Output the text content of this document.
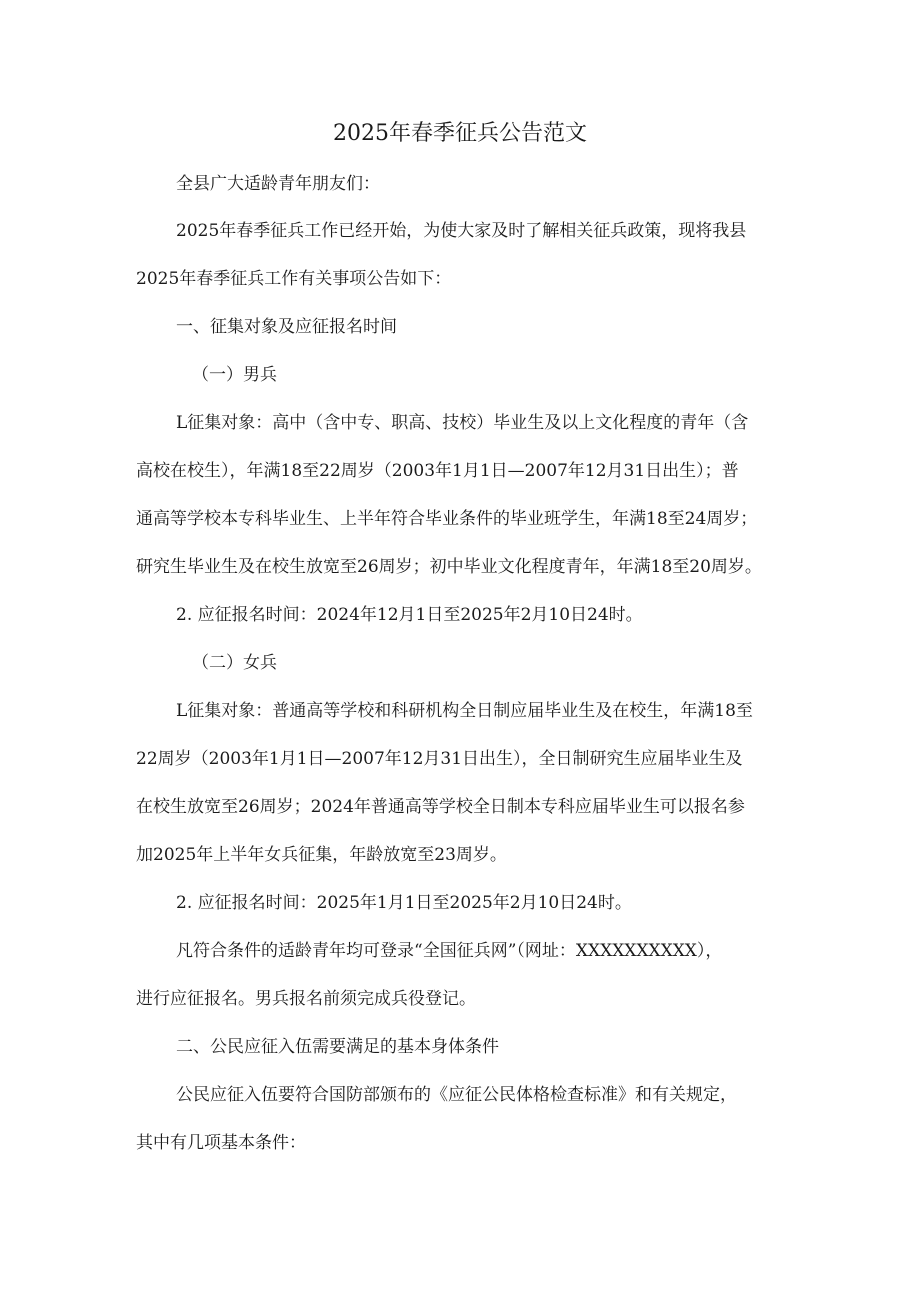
2025年春季征兵公告范文
全县广大适龄青年朋友们：
2025年春季征兵工作已经开始，为使大家及时了解相关征兵政策，现将我县
2025年春季征兵工作有关事项公告如下：
一、征集对象及应征报名时间
（一）男兵
L征集对象：高中（含中专、职高、技校）毕业生及以上文化程度的青年（含
高校在校生），年满18至22周岁（2003年1月1日—2007年12月31日出生）；普
通高等学校本专科毕业生、上半年符合毕业条件的毕业班学生，年满18至24周岁；
研究生毕业生及在校生放宽至26周岁；初中毕业文化程度青年，年满18至20周岁。
2. 应征报名时间：2024年12月1日至2025年2月10日24时。
（二）女兵
L征集对象：普通高等学校和科研机构全日制应届毕业生及在校生，年满18至
22周岁（2003年1月1日—2007年12月31日出生），全日制研究生应届毕业生及
在校生放宽至26周岁；2024年普通高等学校全日制本专科应届毕业生可以报名参
加2025年上半年女兵征集，年龄放宽至23周岁。
2. 应征报名时间：2025年1月1日至2025年2月10日24时。
凡符合条件的适龄青年均可登录“全国征兵网”（网址：XXXXXXXXXX），
进行应征报名。男兵报名前须完成兵役登记。
二、公民应征入伍需要满足的基本身体条件
公民应征入伍要符合国防部颁布的《应征公民体格检查标准》和有关规定，
其中有几项基本条件：
